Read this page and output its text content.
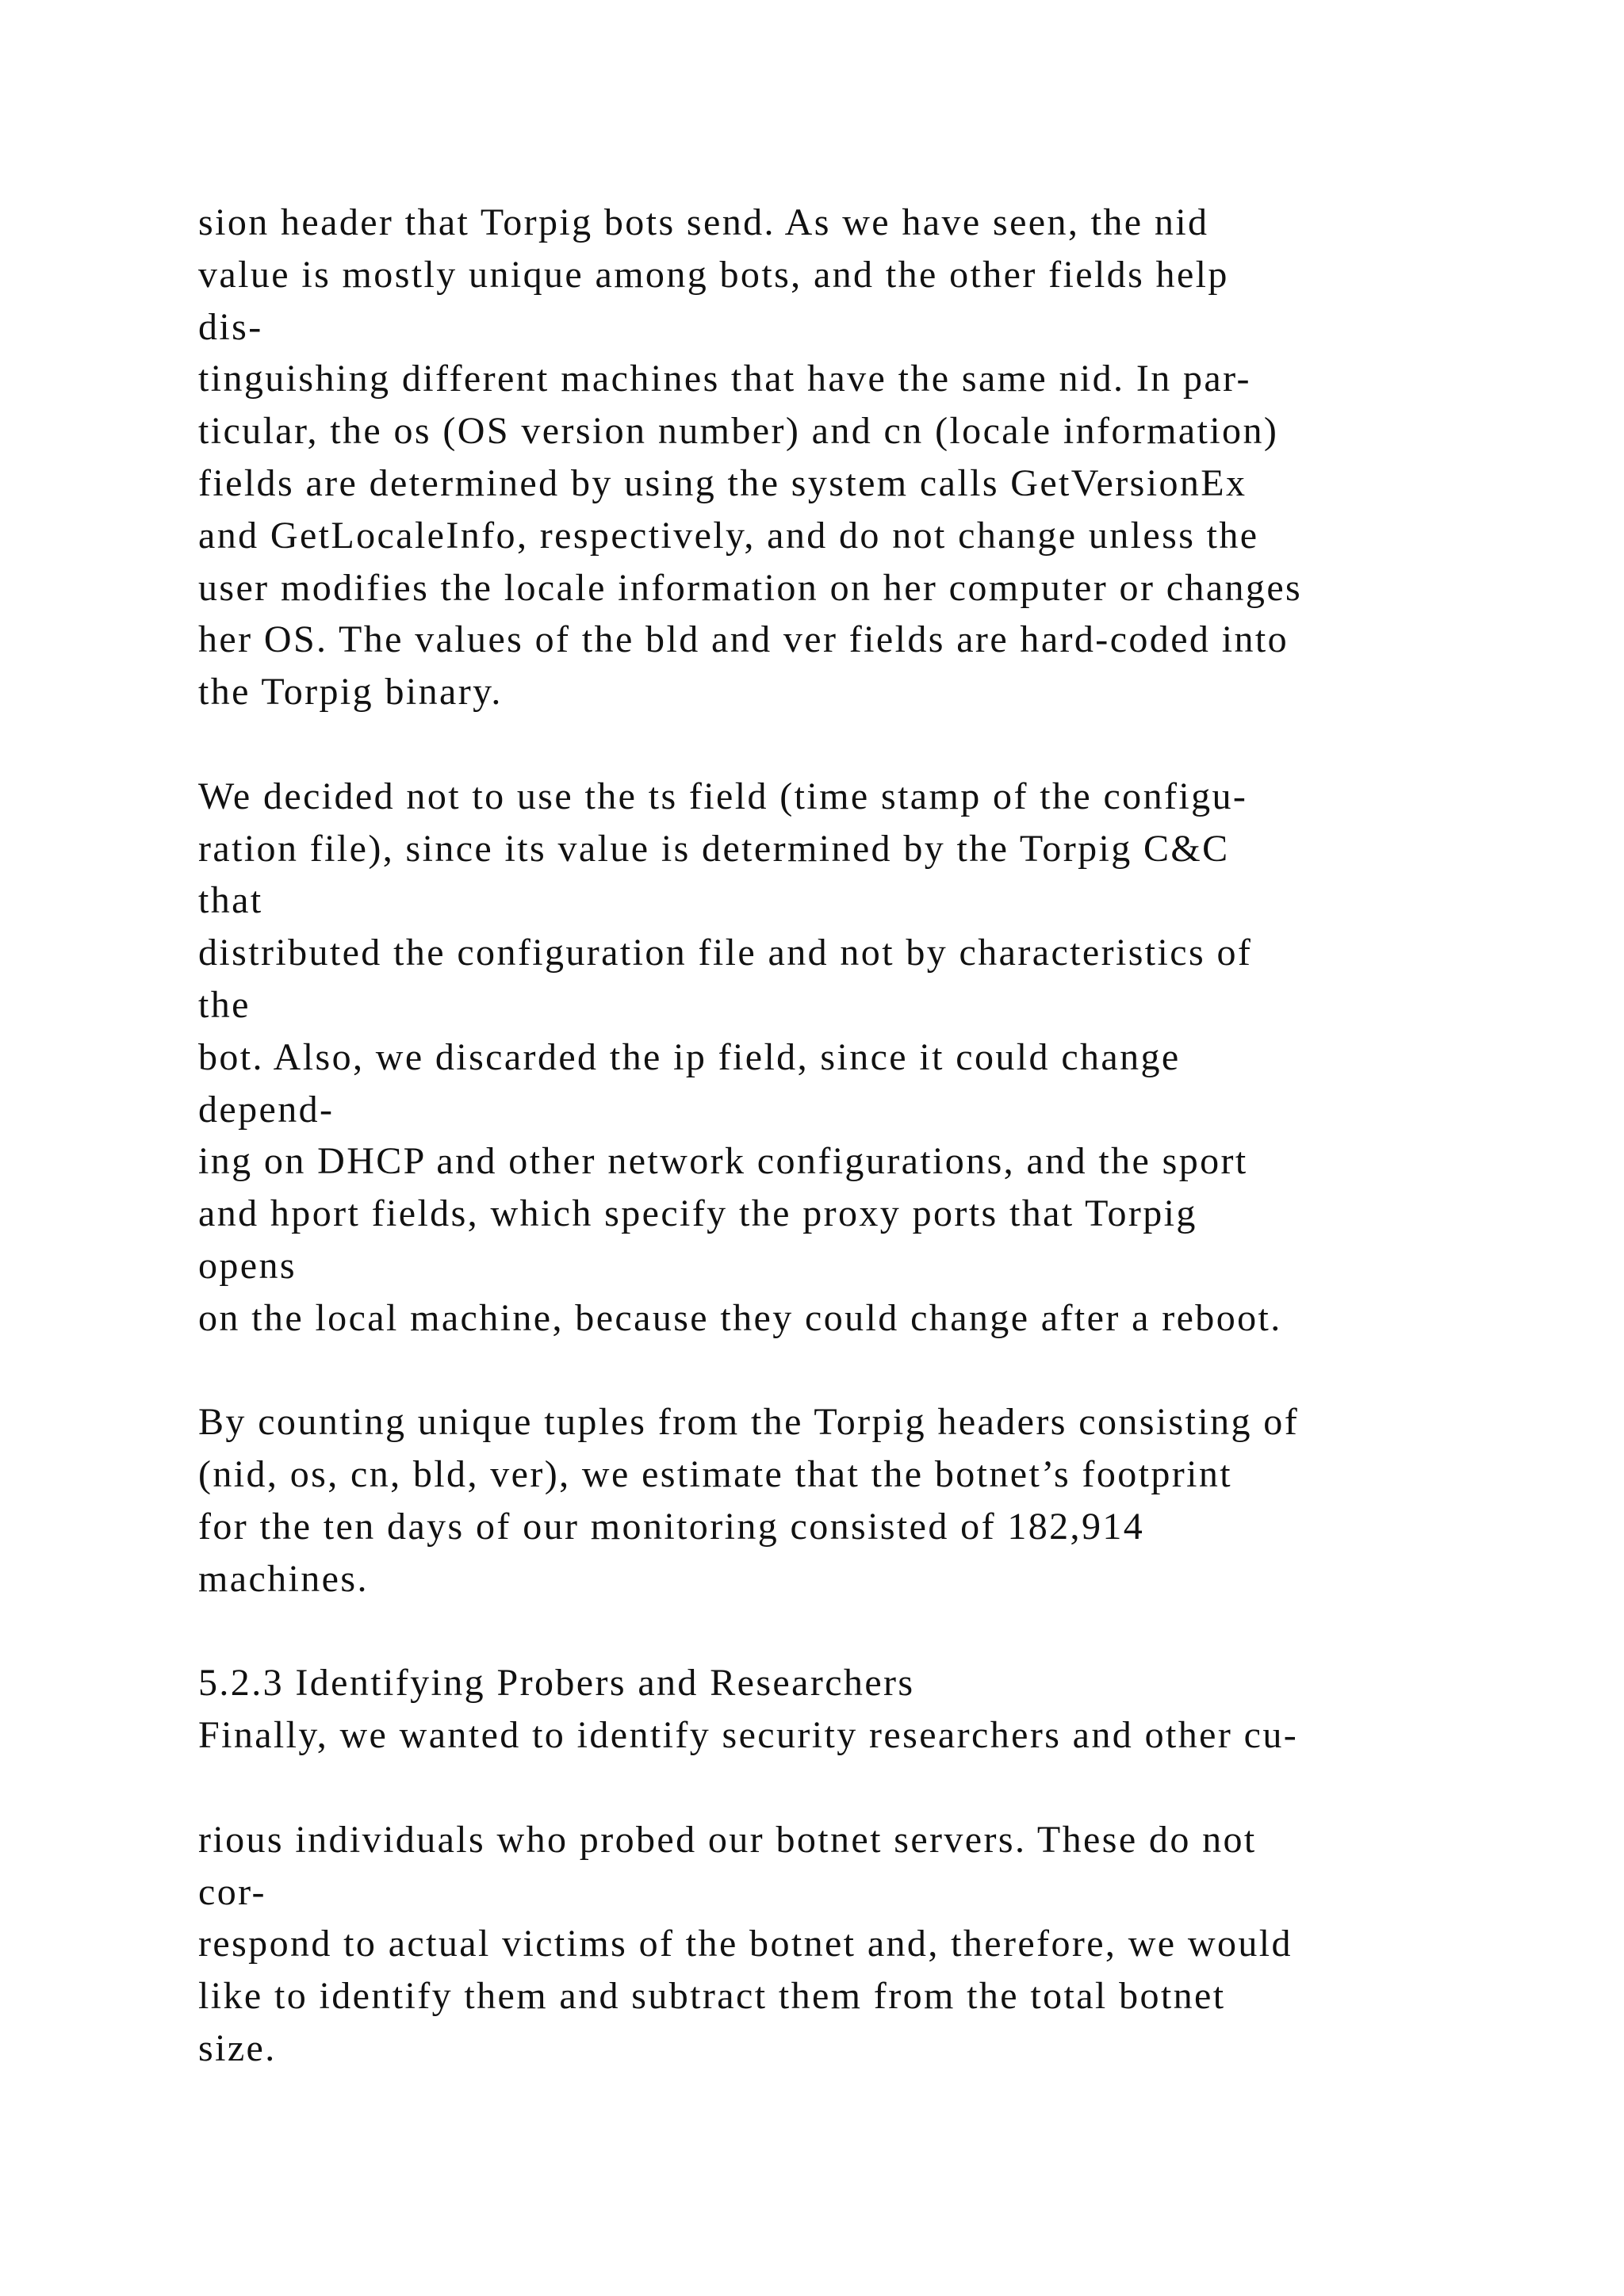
sion header that Torpig bots send. As we have seen, the nid
value is mostly unique among bots, and the other fields help
dis-
tinguishing different machines that have the same nid. In par-
ticular, the os (OS version number) and cn (locale information)
fields are determined by using the system calls GetVersionEx
and GetLocaleInfo, respectively, and do not change unless the
user modifies the locale information on her computer or changes
her OS. The values of the bld and ver fields are hard-coded into
the Torpig binary.
We decided not to use the ts field (time stamp of the configu-
ration file), since its value is determined by the Torpig C&C
that
distributed the configuration file and not by characteristics of
the
bot. Also, we discarded the ip field, since it could change
depend-
ing on DHCP and other network configurations, and the sport
and hport fields, which specify the proxy ports that Torpig
opens
on the local machine, because they could change after a reboot.
By counting unique tuples from the Torpig headers consisting of
(nid, os, cn, bld, ver), we estimate that the botnet’s footprint
for the ten days of our monitoring consisted of 182,914
machines.
5.2.3 Identifying Probers and Researchers
Finally, we wanted to identify security researchers and other cu-
rious individuals who probed our botnet servers. These do not
cor-
respond to actual victims of the botnet and, therefore, we would
like to identify them and subtract them from the total botnet
size.
